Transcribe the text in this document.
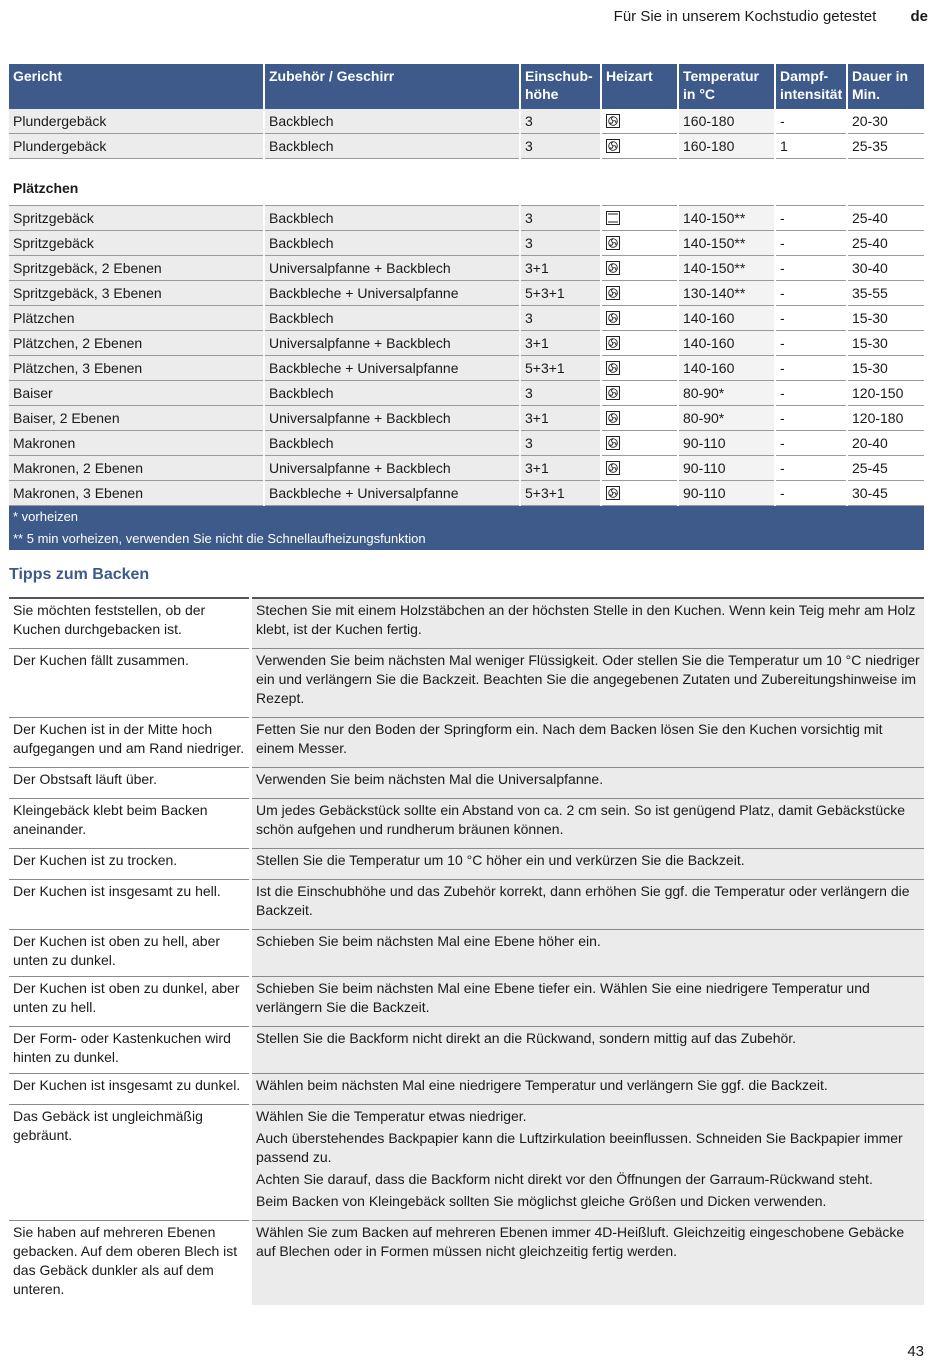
Für Sie in unserem Kochstudio getestet de
Gericht	Zubehör / Geschirr	Einschub-höhe	Heizart	Temperatur in °C	Dampf-intensität	Dauer in Min.
Plundergebäck	Backblech	3		160-180	-	20-30
Plundergebäck	Backblech	3		160-180	1	25-35
Plätzchen						
Spritzgebäck	Backblech	3		140-150**	-	25-40
Spritzgebäck	Backblech	3		140-150**	-	25-40
Spritzgebäck, 2 Ebenen	Universalpfanne + Backblech	3+1		140-150**	-	30-40
Spritzgebäck, 3 Ebenen	Backbleche + Universalpfanne	5+3+1		130-140**	-	35-55
Plätzchen	Backblech	3		140-160	-	15-30
Plätzchen, 2 Ebenen	Universalpfanne + Backblech	3+1		140-160	-	15-30
Plätzchen, 3 Ebenen	Backbleche + Universalpfanne	5+3+1		140-160	-	15-30
Baiser	Backblech	3		80-90*	-	120-150
Baiser, 2 Ebenen	Universalpfanne + Backblech	3+1		80-90*	-	120-180
Makronen	Backblech	3		90-110	-	20-40
Makronen, 2 Ebenen	Universalpfanne + Backblech	3+1		90-110	-	25-45
Makronen, 3 Ebenen	Backbleche + Universalpfanne	5+3+1		90-110	-	30-45
* vorheizen						
** 5 min vorheizen, verwenden Sie nicht die Schnellaufheizungsfunktion						
Tipps zum Backen
Sie möchten feststellen, ob der Kuchen durchgebacken ist.	Stechen Sie mit einem Holzstäbchen an der höchsten Stelle in den Kuchen. Wenn kein Teig mehr am Holz klebt, ist der Kuchen fertig.

Der Kuchen fällt zusammen.	Verwenden Sie beim nächsten Mal weniger Flüssigkeit. Oder stellen Sie die Temperatur um 10 °C niedriger ein und verlängern Sie die Backzeit. Beachten Sie die angegebenen Zutaten und Zubereitungshinweise im Rezept.

Der Kuchen ist in der Mitte hoch aufgegangen und am Rand niedriger.	Fetten Sie nur den Boden der Springform ein. Nach dem Backen lösen Sie den Kuchen vorsichtig mit einem Messer.

Der Obstsaft läuft über.	Verwenden Sie beim nächsten Mal die Universalpfanne.

Kleingebäck klebt beim Backen aneinander.	Um jedes Gebäckstück sollte ein Abstand von ca. 2 cm sein. So ist genügend Platz, damit Gebäckstücke schön aufgehen und rundherum bräunen können.

Der Kuchen ist zu trocken.	Stellen Sie die Temperatur um 10 °C höher ein und verkürzen Sie die Backzeit.

Der Kuchen ist insgesamt zu hell.	Ist die Einschubhöhe und das Zubehör korrekt, dann erhöhen Sie ggf. die Temperatur oder verlängern die Backzeit.

Der Kuchen ist oben zu hell, aber unten zu dunkel.	Schieben Sie beim nächsten Mal eine Ebene höher ein.

Der Kuchen ist oben zu dunkel, aber unten zu hell.	Schieben Sie beim nächsten Mal eine Ebene tiefer ein. Wählen Sie eine niedrigere Temperatur und verlängern Sie die Backzeit.

Der Form- oder Kastenkuchen wird hinten zu dunkel.	Stellen Sie die Backform nicht direkt an die Rückwand, sondern mittig auf das Zubehör.

Der Kuchen ist insgesamt zu dunkel.	Wählen beim nächsten Mal eine niedrigere Temperatur und verlängern Sie ggf. die Backzeit.

Das Gebäck ist ungleichmäßig gebräunt.	Wählen Sie die Temperatur etwas niedriger.
Auch überstehendes Backpapier kann die Luftzirkulation beeinflussen. Schneiden Sie Backpapier immer passend zu.
Achten Sie darauf, dass die Backform nicht direkt vor den Öffnungen der Garraum-Rückwand steht.
Beim Backen von Kleingebäck sollten Sie möglichst gleiche Größen und Dicken verwenden.

Sie haben auf mehreren Ebenen gebacken. Auf dem oberen Blech ist das Gebäck dunkler als auf dem unteren.	Wählen Sie zum Backen auf mehreren Ebenen immer 4D-Heißluft. Gleichzeitig eingeschobene Gebäcke auf Blechen oder in Formen müssen nicht gleichzeitig fertig werden.
43
